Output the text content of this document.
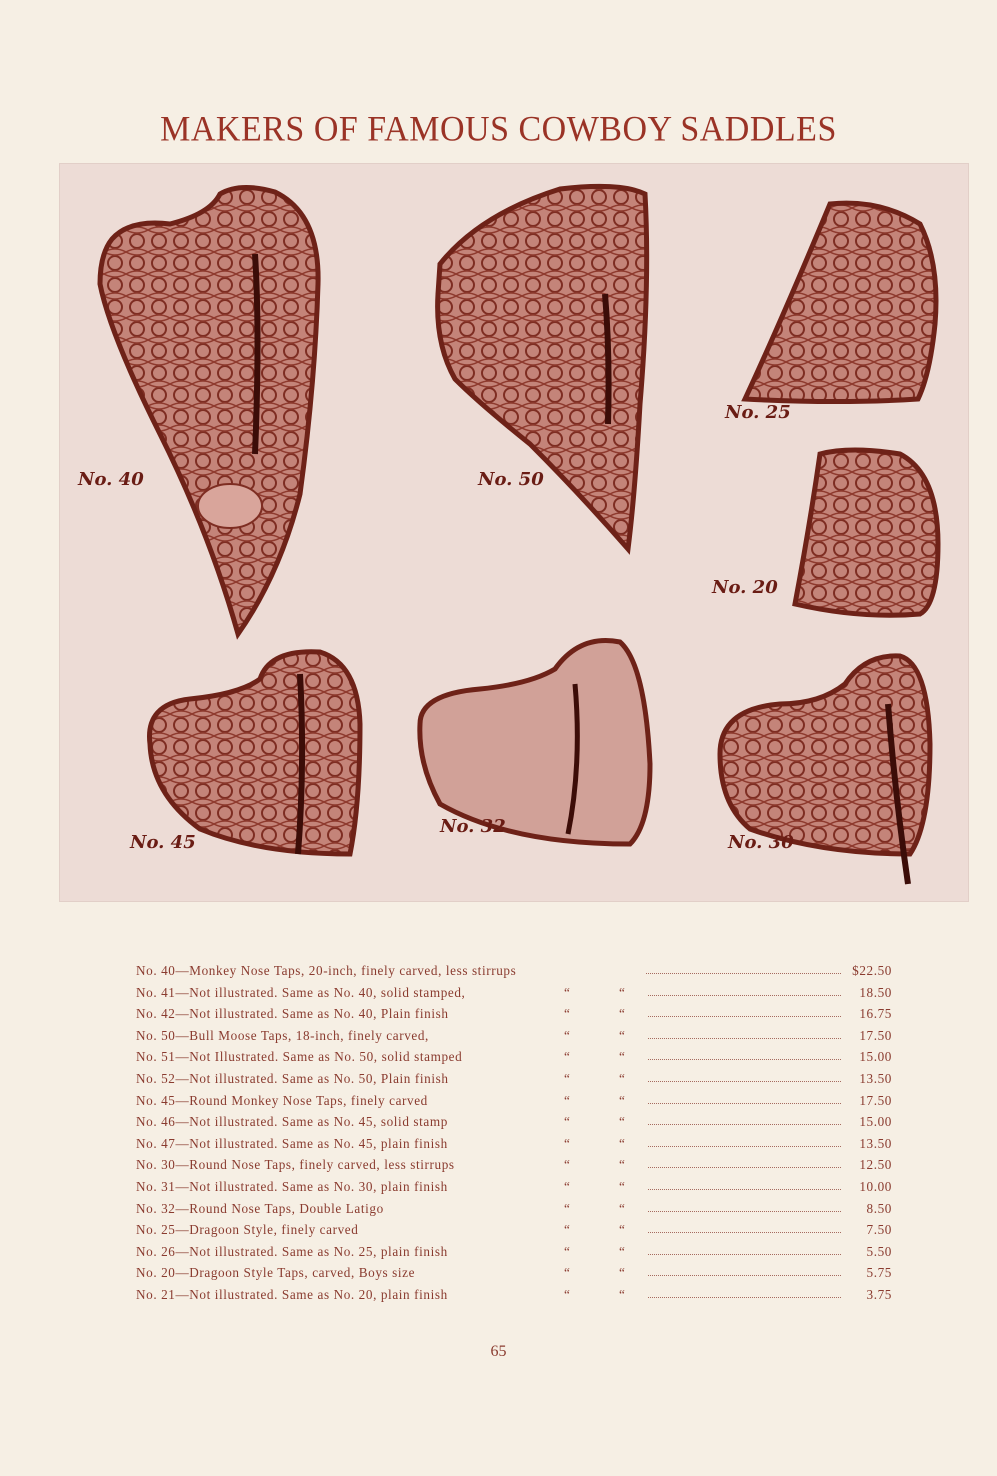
MAKERS OF FAMOUS COWBOY SADDLES
No. 40	No. 50
No. 25
No. 20
No. 45
No. 32
No. 30
No. 40—Monkey Nose Taps, 20-inch, finely carved, less stirrups	$22.50
No. 41—Not illustrated. Same as No. 40, solid stamped,	“	“	18.50
No. 42—Not illustrated. Same as No. 40, Plain finish	“	“	16.75
No. 50—Bull Moose Taps, 18-inch, finely carved,	“	“	17.50
No. 51—Not Illustrated. Same as No. 50, solid stamped	“	“	15.00
No. 52—Not illustrated. Same as No. 50, Plain finish	“	“	13.50
No. 45—Round Monkey Nose Taps, finely carved	“	“	17.50
No. 46—Not illustrated. Same as No. 45, solid stamp	“	“	15.00
No. 47—Not illustrated. Same as No. 45, plain finish	“	“	13.50
No. 30—Round Nose Taps, finely carved, less stirrups	“	“	12.50
No. 31—Not illustrated. Same as No. 30, plain finish	“	“	10.00
No. 32—Round Nose Taps, Double Latigo	“	“	8.50
No. 25—Dragoon Style, finely carved	“	“	7.50
No. 26—Not illustrated. Same as No. 25, plain finish	“	“	5.50
No. 20—Dragoon Style Taps, carved, Boys size	“	“	5.75
No. 21—Not illustrated. Same as No. 20, plain finish	“	“	3.75
65
